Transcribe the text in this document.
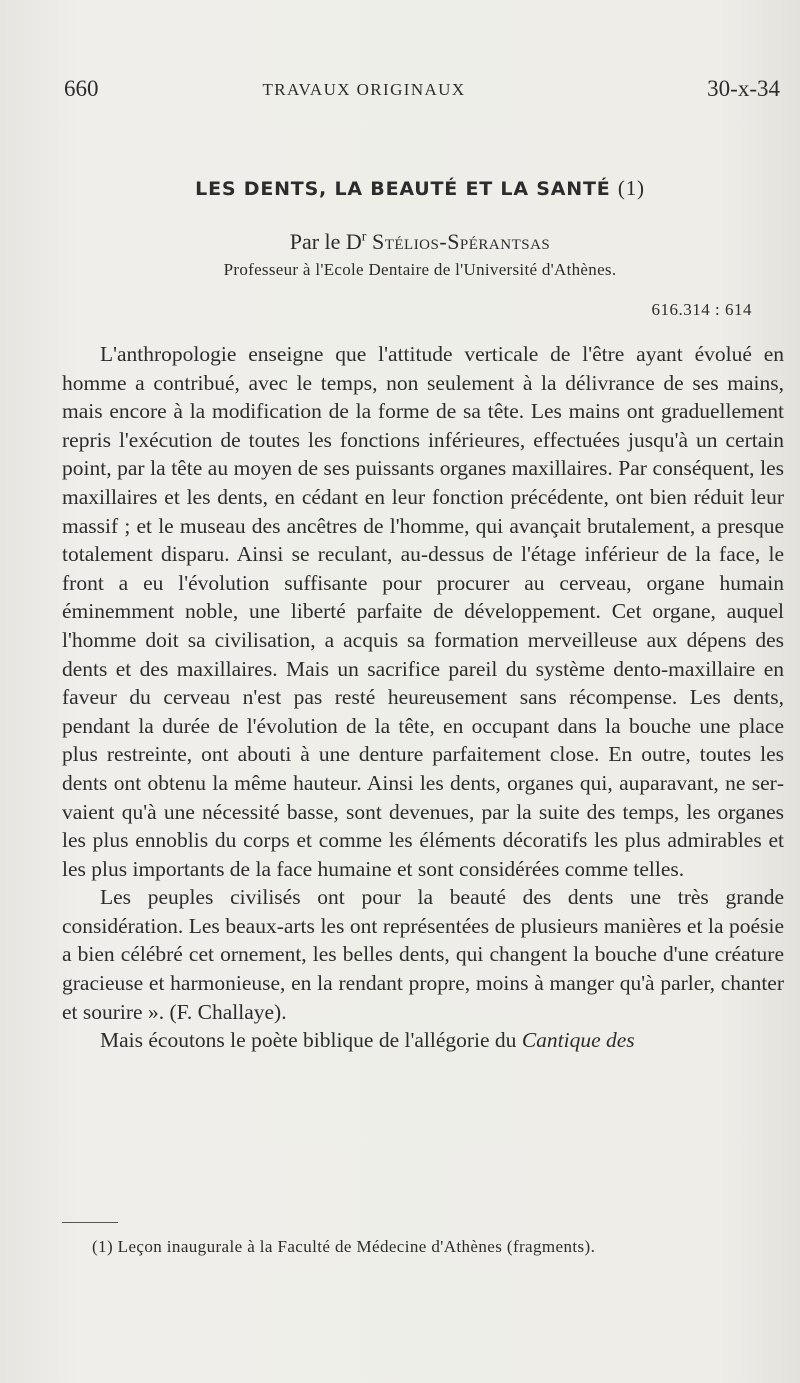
660	TRAVAUX ORIGINAUX	30-x-34
LES DENTS, LA BEAUTÉ ET LA SANTÉ (1)
Par le $D^r$ Stélios-Spérantsas
Professeur à l'Ecole Dentaire de l'Université d'Athènes.
616.314 : 614

L'anthropologie enseigne que l'attitude verticale de l'être ayant évolué en homme a contribué, avec le temps, non seulement à la délivrance de ses mains, mais encore à la modification de la forme de sa tête. Les mains ont graduellement repris l'exécution de toutes les fonctions inférieures, effectuées jusqu'à un certain point, par la tête au moyen de ses puissants organes maxillaires. Par conséquent, les maxillaires et les dents, en cédant en leur fonction précédente, ont bien réduit leur massif ; et le museau des ancêtres de l'homme, qui avançait brutalement, a presque totalement disparu. Ainsi se reculant, au-dessus de l'étage inférieur de la face, le front a eu l'évolution suffisante pour procurer au cerveau, organe humain éminemment noble, une liberté parfaite de développement. Cet organe, auquel l'homme doit sa civilisation, a acquis sa formation merveilleuse aux dépens des dents et des maxillaires. Mais un sacrifice pareil du système dento-maxillaire en faveur du cerveau n'est pas resté heureusement sans récompense. Les dents, pendant la durée de l'évolution de la tête, en occupant dans la bouche une place plus restreinte, ont abouti à une denture parfaitement close. En outre, toutes les dents ont obtenu la même hauteur. Ainsi les dents, organes qui, auparavant, ne servaient qu'à une nécessité basse, sont devenues, par la suite des temps, les organes les plus ennoblis du corps et comme les éléments décoratifs les plus admirables et les plus importants de la face humaine et sont considérées comme telles.

Les peuples civilisés ont pour la beauté des dents une très grande considération. Les beaux-arts les ont représentées de plusieurs manières et la poésie a bien célébré cet ornement, les belles dents, qui changent la bouche d'une créature gracieuse et harmonieuse, en la rendant propre, moins à manger qu'à parler, chanter et sourire ». (F. Challaye).

Mais écoutons le poète biblique de l'allégorie du Cantique des

(1) Leçon inaugurale à la Faculté de Médecine d'Athènes (fragments).
